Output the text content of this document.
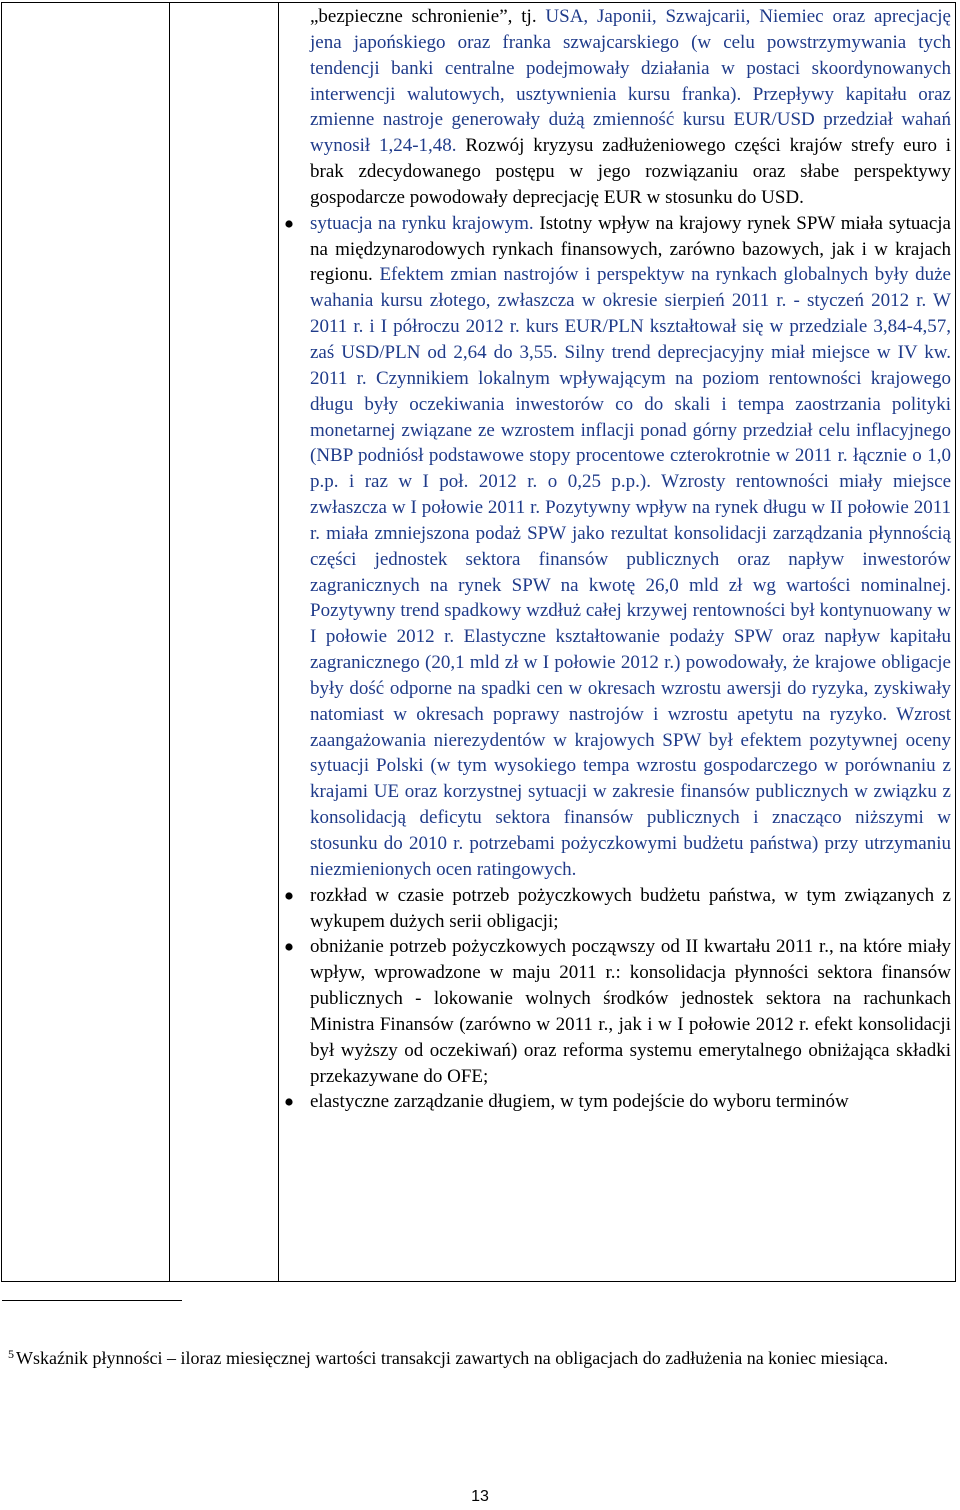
„bezpieczne schronienie”, tj. USA, Japonii, Szwajcarii, Niemiec oraz aprecjację jena japońskiego oraz franka szwajcarskiego (w celu powstrzymywania tych tendencji banki centralne podejmowały działania w postaci skoordynowanych interwencji walutowych, usztywnienia kursu franka). Przepływy kapitału oraz zmienne nastroje generowały dużą zmienność kursu EUR/USD przedział wahań wynosił 1,24-1,48. Rozwój kryzysu zadłużeniowego części krajów strefy euro i brak zdecydowanego postępu w jego rozwiązaniu oraz słabe perspektywy gospodarcze powodowały deprecjację EUR w stosunku do USD.

sytuacja na rynku krajowym. Istotny wpływ na krajowy rynek SPW miała sytuacja na międzynarodowych rynkach finansowych, zarówno bazowych, jak i w krajach regionu. Efektem zmian nastrojów i perspektyw na rynkach globalnych były duże wahania kursu złotego, zwłaszcza w okresie sierpień 2011 r. - styczeń 2012 r. W 2011 r. i I półroczu 2012 r. kurs EUR/PLN kształtował się w przedziale 3,84-4,57, zaś USD/PLN od 2,64 do 3,55. Silny trend deprecjacyjny miał miejsce w IV kw. 2011 r. Czynnikiem lokalnym wpływającym na poziom rentowności krajowego długu były oczekiwania inwestorów co do skali i tempa zaostrzania polityki monetarnej związane ze wzrostem inflacji ponad górny przedział celu inflacyjnego (NBP podniósł podstawowe stopy procentowe czterokrotnie w 2011 r. łącznie o 1,0 p.p. i raz w I poł. 2012 r. o 0,25 p.p.). Wzrosty rentowności miały miejsce zwłaszcza w I połowie 2011 r. Pozytywny wpływ na rynek długu w II połowie 2011 r. miała zmniejszona podaż SPW jako rezultat konsolidacji zarządzania płynnością części jednostek sektora finansów publicznych oraz napływ inwestorów zagranicznych na rynek SPW na kwotę 26,0 mld zł wg wartości nominalnej. Pozytywny trend spadkowy wzdłuż całej krzywej rentowności był kontynuowany w I połowie 2012 r. Elastyczne kształtowanie podaży SPW oraz napływ kapitału zagranicznego (20,1 mld zł w I połowie 2012 r.) powodowały, że krajowe obligacje były dość odporne na spadki cen w okresach wzrostu awersji do ryzyka, zyskiwały natomiast w okresach poprawy nastrojów i wzrostu apetytu na ryzyko. Wzrost zaangażowania nierezydentów w krajowych SPW był efektem pozytywnej oceny sytuacji Polski (w tym wysokiego tempa wzrostu gospodarczego w porównaniu z krajami UE oraz korzystnej sytuacji w zakresie finansów publicznych w związku z konsolidacją deficytu sektora finansów publicznych i znacząco niższymi w stosunku do 2010 r. potrzebami pożyczkowymi budżetu państwa) przy utrzymaniu niezmienionych ocen ratingowych.
rozkład w czasie potrzeb pożyczkowych budżetu państwa, w tym związanych z wykupem dużych serii obligacji;
obniżanie potrzeb pożyczkowych począwszy od II kwartału 2011 r., na które miały wpływ, wprowadzone w maju 2011 r.: konsolidacja płynności sektora finansów publicznych - lokowanie wolnych środków jednostek sektora na rachunkach Ministra Finansów (zarówno w 2011 r., jak i w I połowie 2012 r. efekt konsolidacji był wyższy od oczekiwań) oraz reforma systemu emerytalnego obniżająca składki przekazywane do OFE;
elastyczne zarządzanie długiem, w tym podejście do wyboru terminów
$^5$ Wskaźnik płynności – iloraz miesięcznej wartości transakcji zawartych na obligacjach do zadłużenia na koniec miesiąca.
13
